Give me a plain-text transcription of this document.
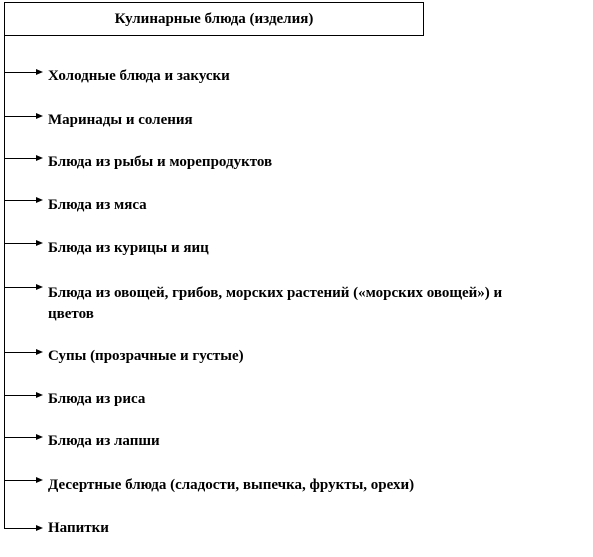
Кулинарные блюда (изделия)
Холодные блюда и закуски
Маринады и соления
Блюда из рыбы и морепродуктов
Блюда из мяса
Блюда из курицы и яиц
Блюда из овощей, грибов, морских растений («морских овощей») и цветов
Супы (прозрачные и густые)
Блюда из риса
Блюда из лапши
Десертные блюда (сладости, выпечка, фрукты, орехи)
Напитки
